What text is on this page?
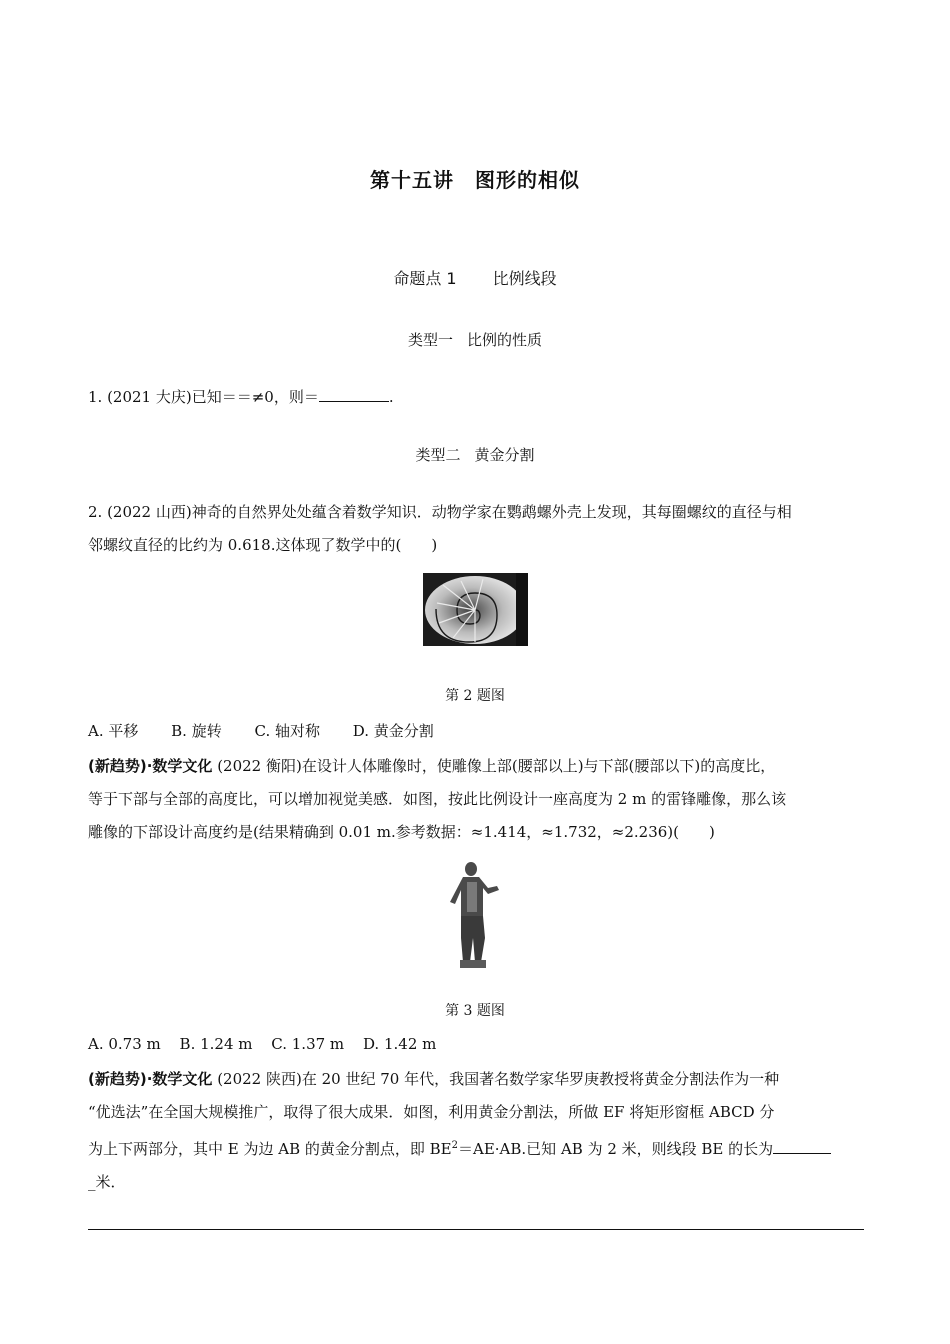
第十五讲　图形的相似
命题点 1 比例线段
类型一 比例的性质
1. (2021 大庆)已知＝＝≠0，则＝	.
类型二 黄金分割
2. (2022 山西)神奇的自然界处处蕴含着数学知识．动物学家在鹦鹉螺外壳上发现，其每圈螺纹的直径与相
邻螺纹直径的比约为 0.618.这体现了数学中的(　　)
第 2 题图
A. 平移 B. 旋转 C. 轴对称 D. 黄金分割
(新趋势)·数学文化 (2022 衡阳)在设计人体雕像时，使雕像上部(腰部以上)与下部(腰部以下)的高度比，
等于下部与全部的高度比，可以增加视觉美感．如图，按此比例设计一座高度为 2 m 的雷锋雕像，那么该
雕像的下部设计高度约是(结果精确到 0.01 m.参考数据：≈1.414，≈1.732，≈2.236)(　　)
第 3 题图
A. 0.73 m B. 1.24 m C. 1.37 m D. 1.42 m
(新趋势)·数学文化 (2022 陕西)在 20 世纪 70 年代，我国著名数学家华罗庚教授将黄金分割法作为一种
“优选法”在全国大规模推广，取得了很大成果．如图，利用黄金分割法，所做 EF 将矩形窗框 ABCD 分
为上下两部分，其中 E 为边 AB 的黄金分割点，即 $BE^2=AE\cdot AB$.已知 AB 为 2 米，则线段 BE 的长为
_米．
